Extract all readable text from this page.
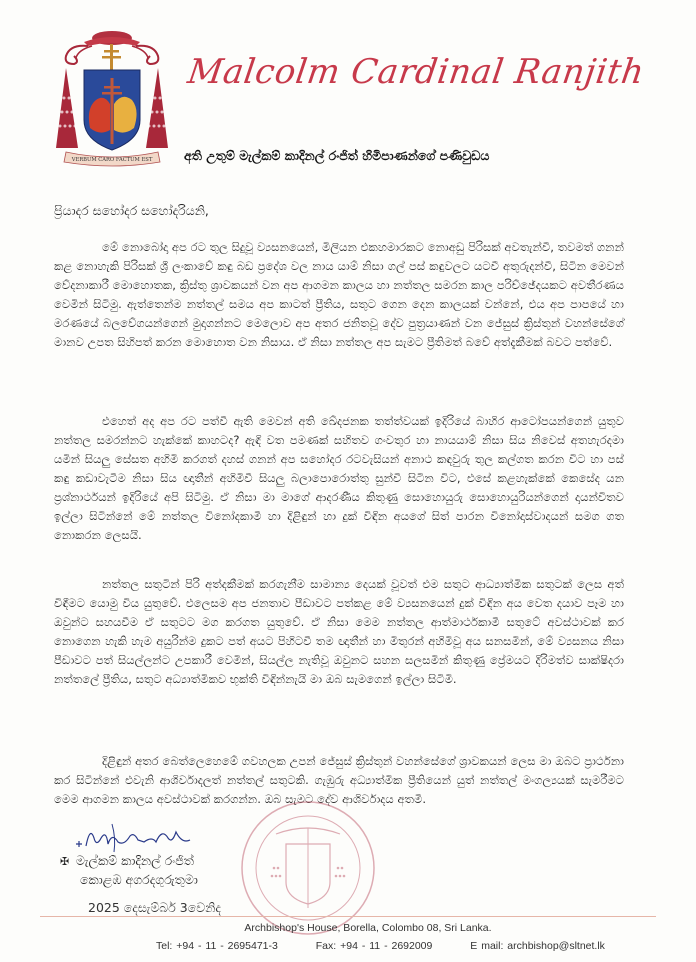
VERBUM CARO FACTUM EST
Malcolm Cardinal Ranjith
අති උතුම් මැල්කම් කාදිනල් රංජිත් හිමිපාණන්ගේ පණිවුඩය
ප්‍රියාදර සහෝදර සහෝදරියනි,

මේ නොබෝදා අප රට තුල සිදුවූ ව්‍යසනයෙන්, මිලියන එකහමාරකට නොඅඩු පිරිසක් අවතැන්වී, තවමත් ගනන් කළ නොහැකි පිරිසක් ශ්‍රී ලංකාවේ කඳු බඩ ප්‍රදේශ වල නාය යාම් නිසා ගල් පස් කඳුවලට යටවී අතුරුදන්වී, සිටින මෙවන් වේදනාකාරී මොහොතක, ක්‍රිස්තු ශ්‍රාවකයන් වන අප ආගමන කාලය හා නත්තල සමරන කාල පරිච්ඡේදයකට අවතීරණය වෙමින් සිටිමු. ඇත්තෙන්ම නත්තල් සමය අප කාටත් ප්‍රීතිය, සතුට ගෙන දෙන කාලයක් වන්නේ, එය අප පාපයේ හා මරණයේ බලවේගයන්ගෙන් මුදාගන්නට මෙලොව අප අතර ජනිතවූ දේව පුත්‍රයාණන් වන ජේසුස් ක්‍රිස්තුන් වහන්සේගේ මානව උපත සිහිපත් කරන මොහොත වන නිසාය. ඒ නිසා නත්තල අප සැමට ප්‍රීතිමත් බවේ අත්දැකීමක් බවට පත්වේ.

එහෙත් අද අප රට පත්වී ඇති මෙවන් අති ඛේදජනක තත්ත්වයක් ඉදිරියේ බාහිර ආටෝපයන්ගෙන් යුතුව නත්තල සමරන්නට හැක්කේ කාහටද? ඇඳි වත පමණක් සහිතව ගංවතුර හා නායයාම් නිසා සිය නිවෙස් අතහැරදමා යමින් සියලු සේසත අහිමි කරගත් දහස් ගනන් අප සහෝදර රටවැසියන් අනාථ කඳවුරු තුල කල්ගත කරන විට හා පස් කඳු කඩාවැටීම නිසා සිය ඥාතීන් අහිමිවී සියලු බලාපොරොත්තු සුන්වී සිටින විට, එසේ කළහැක්කේ කෙසේද යන ප්‍රශ්නාර්ථයන් ඉදිරියේ අපි සිටිමු. ඒ නිසා මා මාගේ ආදරණීය කිතුණු සොහොයුරු සොහොයුරියන්ගෙන් දායන්විතව ඉල්ලා සිටින්නේ මේ නත්තල විනෝදකාමී හා දිළිඳුන් හා දුක් විඳින අයගේ සිත් පාරන විනෝදාස්වාදයන් සමග ගත නොකරන ලෙසයි.

නත්තල සතුටින් පිරි අත්දකීමක් කරගැනීම සාමාන්‍ය දෙයක් වූවත් එම සතුට ආධ්‍යාත්මික සතුටක් ලෙස අත් විඳීමට යොමු විය යුතුවේ. එලෙසම අප ජනතාව පීඩාවට පත්කළ මේ ව්‍යසනයෙන් දුක් විඳින අය වෙත දයාව පෑම හා ඔවුන්ට සහයවීම ඒ සතුටට මග කරගත යුතුවේ. ඒ නිසා මෙම නත්තල ආත්මාර්ථකාමී සතුටේ අවස්ථාවක් කර නොගෙන හැකි හැම අයුරින්ම දුකට පත් අයට පිහිටවී තම ඥාතීන් හා මිතුරන් අහිමිවූ අය සනසමින්, මේ ව්‍යසනය නිසා පීඩාවට පත් සියල්ලන්ට උපකාරී වෙමින්, සියල්ල නැතිවූ ඔවුනට සහන සලසමින් කිතුණු ප්‍රේමයට දිරිමත්ව සාක්ෂිදරා නත්තලේ ප්‍රීතිය, සතුට අධ්‍යාත්මිකව භුක්ති විඳින්නැයි මා ඔබ සැමගෙන් ඉල්ලා සිටිමි.

දිළිඳුන් අතර බෙත්ලෙහෙමේ ගවහලක උපන් ජේසුස් ක්‍රිස්තුන් වහන්සේගේ ශ්‍රාවකයන් ලෙස මා ඔබට ප්‍රාර්ථනා කර සිටින්නේ එවැනි ආශිර්වාදලත් නත්තල් සතුටකි. ගැඹුරු අධ්‍යාත්මික ප්‍රීතියෙන් යුත් නත්තල් මංගල්‍යයක් සැමරීමට මෙම ආගමන කාලය අවස්ථාවක් කරගන්න. ඔබ සැමට දේව ආශිර්වාදය අතමී.

✠ මැල්කම් කාදිනල් රංජිත්
කොළඹ අගරදගුරුතුමා
2025 දෙසැම්බර් 3වෙනිද
Archbishop's House, Borella, Colombo 08, Sri Lanka.
Tel: +94 - 11 - 2695471-3	Fax: +94 - 11 - 2692009	E mail: archbishop@sltnet.lk
